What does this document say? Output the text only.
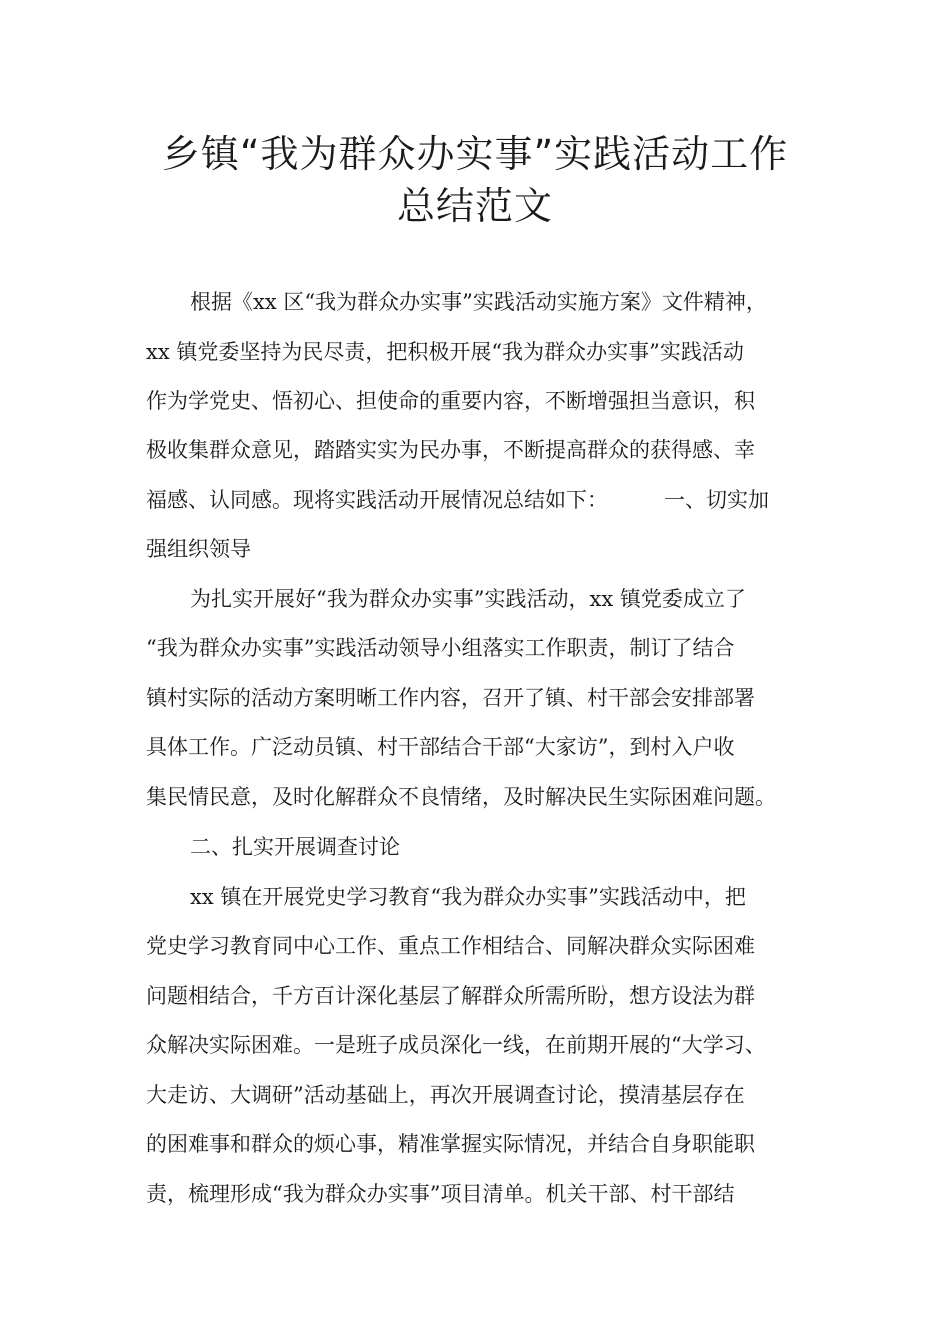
乡镇“我为群众办实事”实践活动工作
总结范文
根据《xx 区“我为群众办实事”实践活动实施方案》文件精神，
xx 镇党委坚持为民尽责，把积极开展“我为群众办实事”实践活动
作为学党史、悟初心、担使命的重要内容，不断增强担当意识，积
极收集群众意见，踏踏实实为民办事，不断提高群众的获得感、幸
福感、认同感。现将实践活动开展情况总结如下：	一、切实加
强组织领导
为扎实开展好“我为群众办实事”实践活动，xx 镇党委成立了
“我为群众办实事”实践活动领导小组落实工作职责，制订了结合
镇村实际的活动方案明晰工作内容，召开了镇、村干部会安排部署
具体工作。广泛动员镇、村干部结合干部“大家访”，到村入户收
集民情民意，及时化解群众不良情绪，及时解决民生实际困难问题。
二、扎实开展调查讨论
xx 镇在开展党史学习教育“我为群众办实事”实践活动中，把
党史学习教育同中心工作、重点工作相结合、同解决群众实际困难
问题相结合，千方百计深化基层了解群众所需所盼，想方设法为群
众解决实际困难。一是班子成员深化一线，在前期开展的“大学习、
大走访、大调研”活动基础上，再次开展调查讨论，摸清基层存在
的困难事和群众的烦心事，精准掌握实际情况，并结合自身职能职
责，梳理形成“我为群众办实事”项目清单。机关干部、村干部结
